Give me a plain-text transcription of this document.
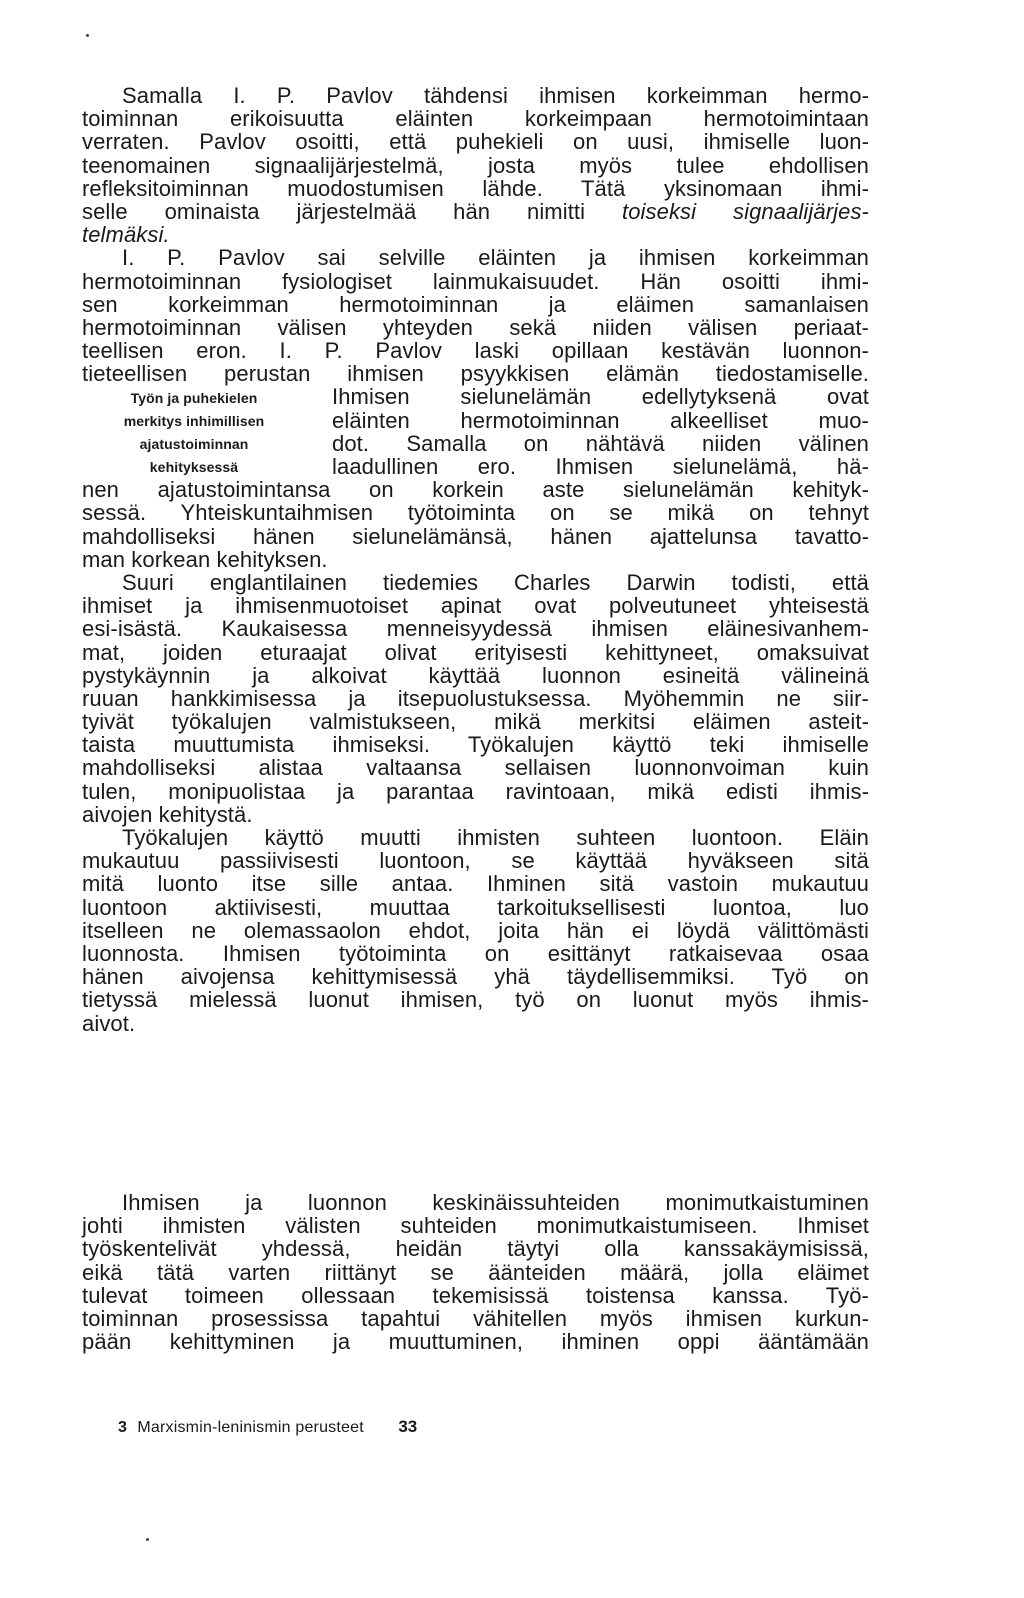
Samalla I. P. Pavlov tähdensi ihmisen korkeimman hermo-
toiminnan erikoisuutta eläinten korkeimpaan hermotoimintaan
verraten. Pavlov osoitti, että puhekieli on uusi, ihmiselle luon-
teenomainen signaalijärjestelmä, josta myös tulee ehdollisen
refleksitoiminnan muodostumisen lähde. Tätä yksinomaan ihmi-
selle ominaista järjestelmää hän nimitti toiseksi signaalijärjes-
telmäksi.
I. P. Pavlov sai selville eläinten ja ihmisen korkeimman
hermotoiminnan fysiologiset lainmukaisuudet. Hän osoitti ihmi-
sen korkeimman hermotoiminnan ja eläimen samanlaisen
hermotoiminnan välisen yhteyden sekä niiden välisen periaat-
teellisen eron. I. P. Pavlov laski opillaan kestävän luonnon-
tieteellisen perustan ihmisen psyykkisen elämän tiedostamiselle.
Työn ja puhekielen
merkitys inhimillisen
ajatustoiminnan
kehityksessä
Ihmisen sielunelämän edellytyksenä ovat
eläinten hermotoiminnan alkeelliset muo-
dot. Samalla on nähtävä niiden välinen
laadullinen ero. Ihmisen sielunelämä, hä-
nen ajatustoimintansa on korkein aste sielunelämän kehityk-
sessä. Yhteiskuntaihmisen työtoiminta on se mikä on tehnyt
mahdolliseksi hänen sielunelämänsä, hänen ajattelunsa tavatto-
man korkean kehityksen.
Suuri englantilainen tiedemies Charles Darwin todisti, että
ihmiset ja ihmisenmuotoiset apinat ovat polveutuneet yhteisestä
esi-isästä. Kaukaisessa menneisyydessä ihmisen eläinesivanhem-
mat, joiden eturaajat olivat erityisesti kehittyneet, omaksuivat
pystykäynnin ja alkoivat käyttää luonnon esineitä välineinä
ruuan hankkimisessa ja itsepuolustuksessa. Myöhemmin ne siir-
tyivät työkalujen valmistukseen, mikä merkitsi eläimen asteit-
taista muuttumista ihmiseksi. Työkalujen käyttö teki ihmiselle
mahdolliseksi alistaa valtaansa sellaisen luonnonvoiman kuin
tulen, monipuolistaa ja parantaa ravintoaan, mikä edisti ihmis-
aivojen kehitystä.
Työkalujen käyttö muutti ihmisten suhteen luontoon. Eläin
mukautuu passiivisesti luontoon, se käyttää hyväkseen sitä
mitä luonto itse sille antaa. Ihminen sitä vastoin mukautuu
luontoon aktiivisesti, muuttaa tarkoituksellisesti luontoa, luo
itselleen ne olemassaolon ehdot, joita hän ei löydä välittömästi
luonnosta. Ihmisen työtoiminta on esittänyt ratkaisevaa osaa
hänen aivojensa kehittymisessä yhä täydellisemmiksi. Työ on
tietyssä mielessä luonut ihmisen, työ on luonut myös ihmis-
aivot.
Ihmisen ja luonnon keskinäissuhteiden monimutkaistuminen
johti ihmisten välisten suhteiden monimutkaistumiseen. Ihmiset
työskentelivät yhdessä, heidän täytyi olla kanssakäymisissä,
eikä tätä varten riittänyt se äänteiden määrä, jolla eläimet
tulevat toimeen ollessaan tekemisissä toistensa kanssa. Työ-
toiminnan prosessissa tapahtui vähitellen myös ihmisen kurkun-
pään kehittyminen ja muuttuminen, ihminen oppi ääntämään
3 Marxismin-leninismin perusteet 33
